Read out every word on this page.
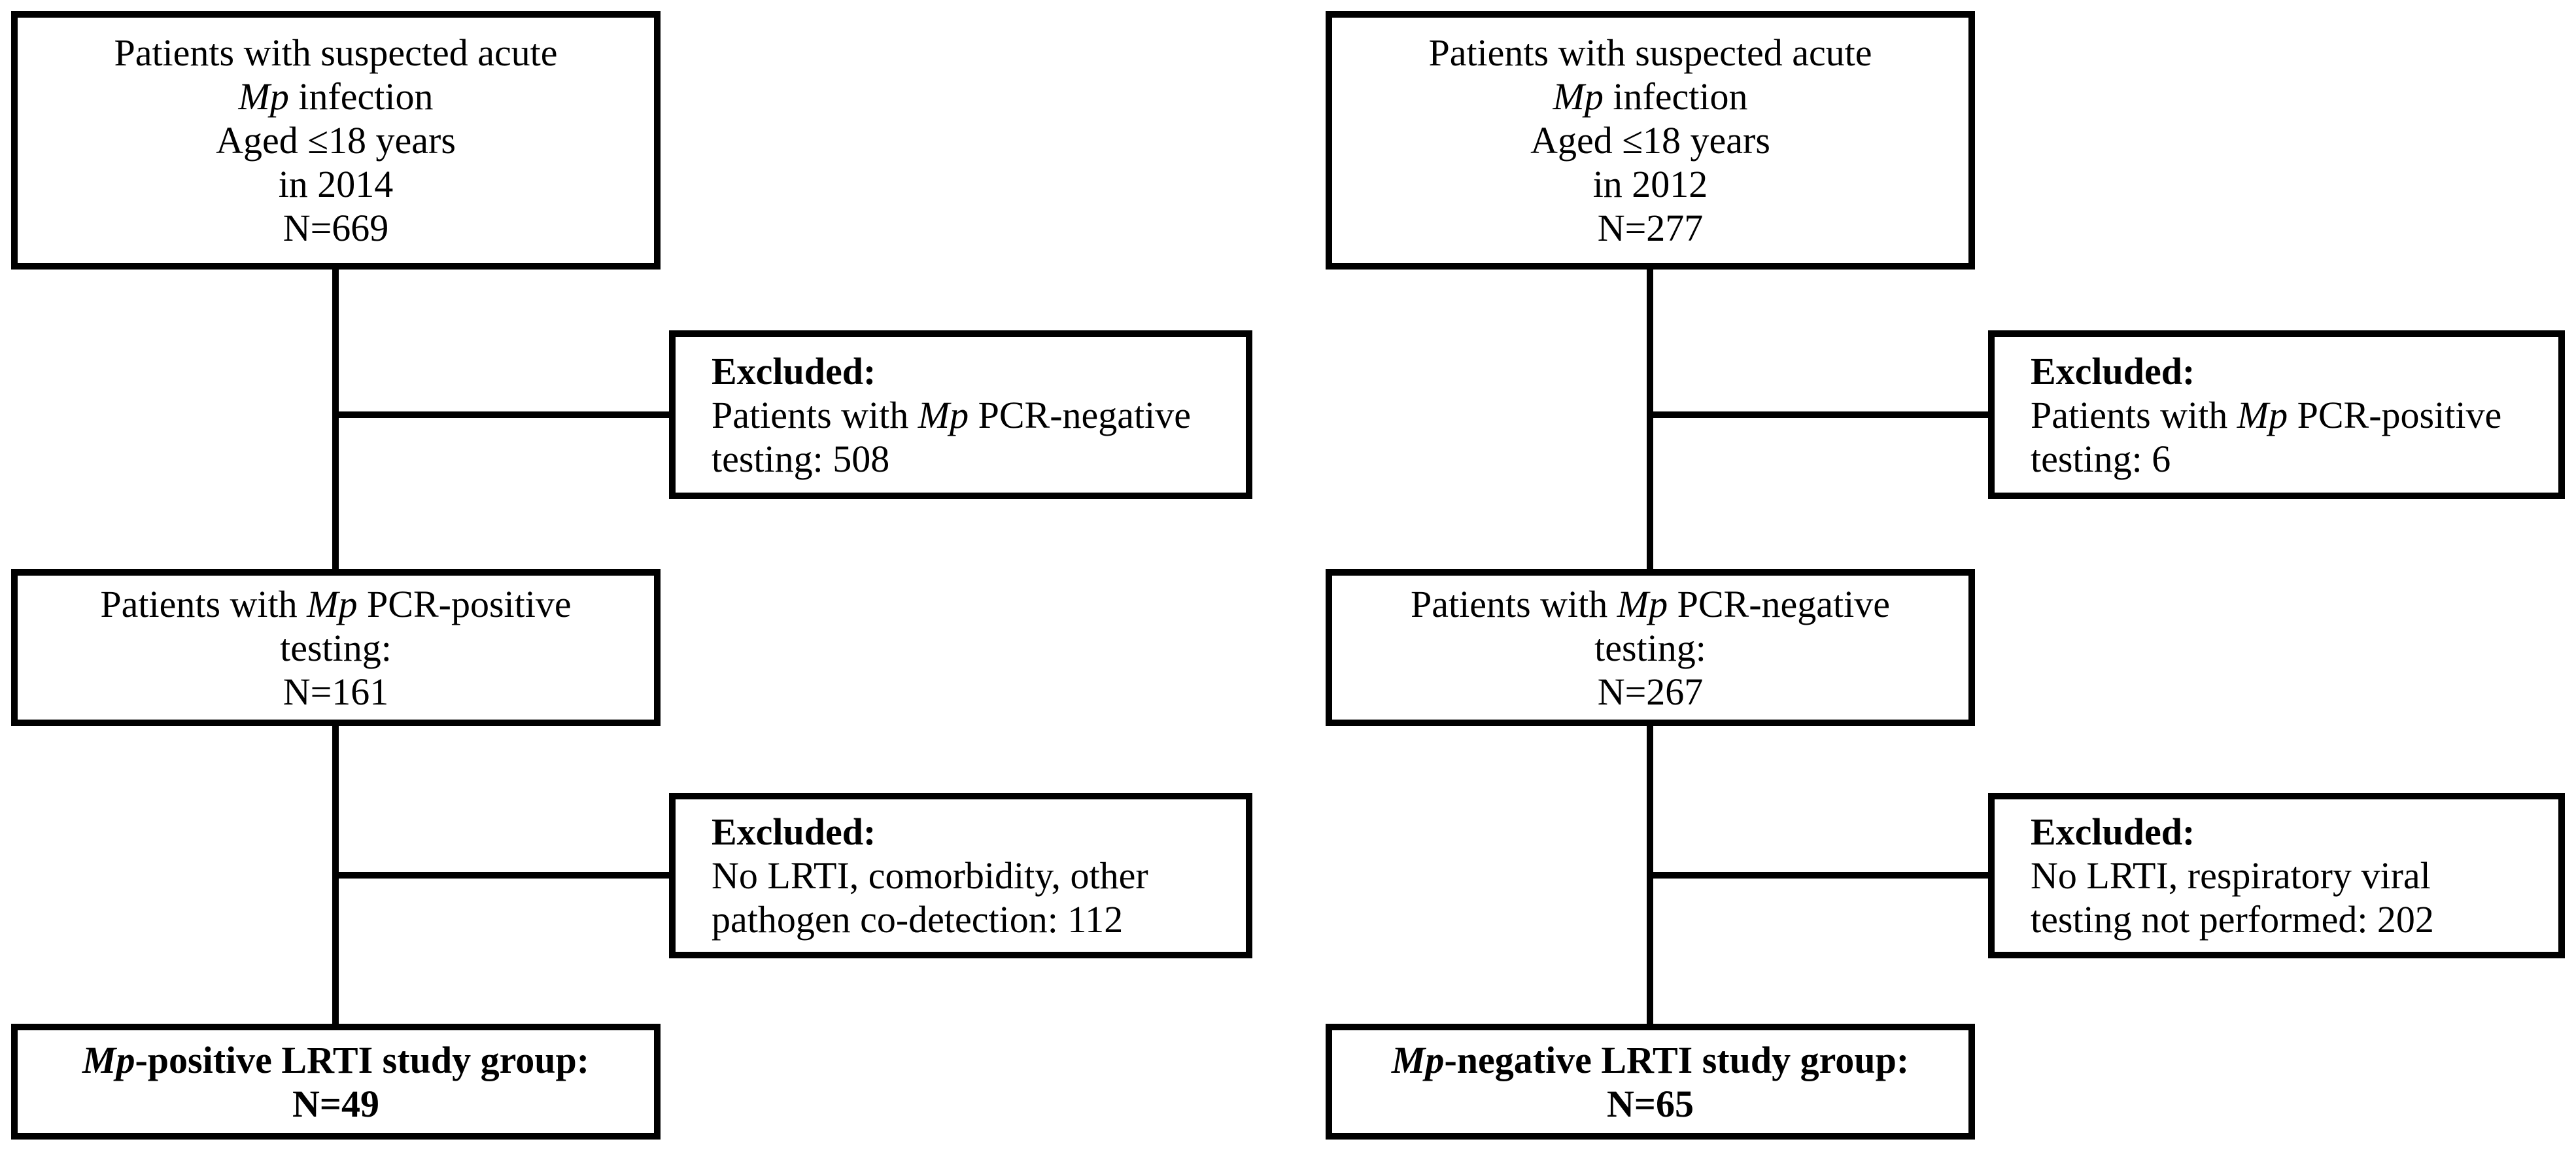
Patients with suspected acute
Mp infection
Aged ≤18 years
in 2014
N=669
Excluded:
Patients with Mp PCR-negative
testing: 508
Patients with Mp PCR-positive
testing:
N=161
Excluded:
No LRTI, comorbidity, other
pathogen co-detection: 112
Mp-positive LRTI study group:
N=49
Patients with suspected acute
Mp infection
Aged ≤18 years
in 2012
N=277
Excluded:
Patients with Mp PCR-positive
testing: 6
Patients with Mp PCR-negative
testing:
N=267
Excluded:
No LRTI, respiratory viral
testing not performed: 202
Mp-negative LRTI study group:
N=65
